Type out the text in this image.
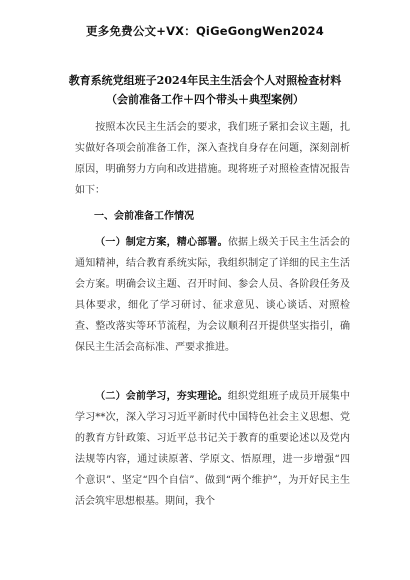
更多免费公文+VX：QiGeGongWen2024
教育系统党组班子2024年民主生活会个人对照检查材料
（会前准备工作＋四个带头＋典型案例）
按照本次民主生活会的要求，我们班子紧扣会议主题，扎实做好各项会前准备工作，深入查找自身存在问题，深刻剖析原因，明确努力方向和改进措施。现将班子对照检查情况报告如下：
一、会前准备工作情况
（一）制定方案，精心部署。依据上级关于民主生活会的通知精神，结合教育系统实际，我组织制定了详细的民主生活会方案。明确会议主题、召开时间、参会人员、各阶段任务及具体要求，细化了学习研讨、征求意见、谈心谈话、对照检查、整改落实等环节流程，为会议顺利召开提供坚实指引，确保民主生活会高标准、严要求推进。
（二）会前学习，夯实理论。组织党组班子成员开展集中学习**次，深入学习习近平新时代中国特色社会主义思想、党的教育方针政策、习近平总书记关于教育的重要论述以及党内法规等内容，通过读原著、学原文、悟原理，进一步增强“四个意识”、坚定“四个自信”、做到“两个维护”，为开好民主生活会筑牢思想根基。期间，我个
